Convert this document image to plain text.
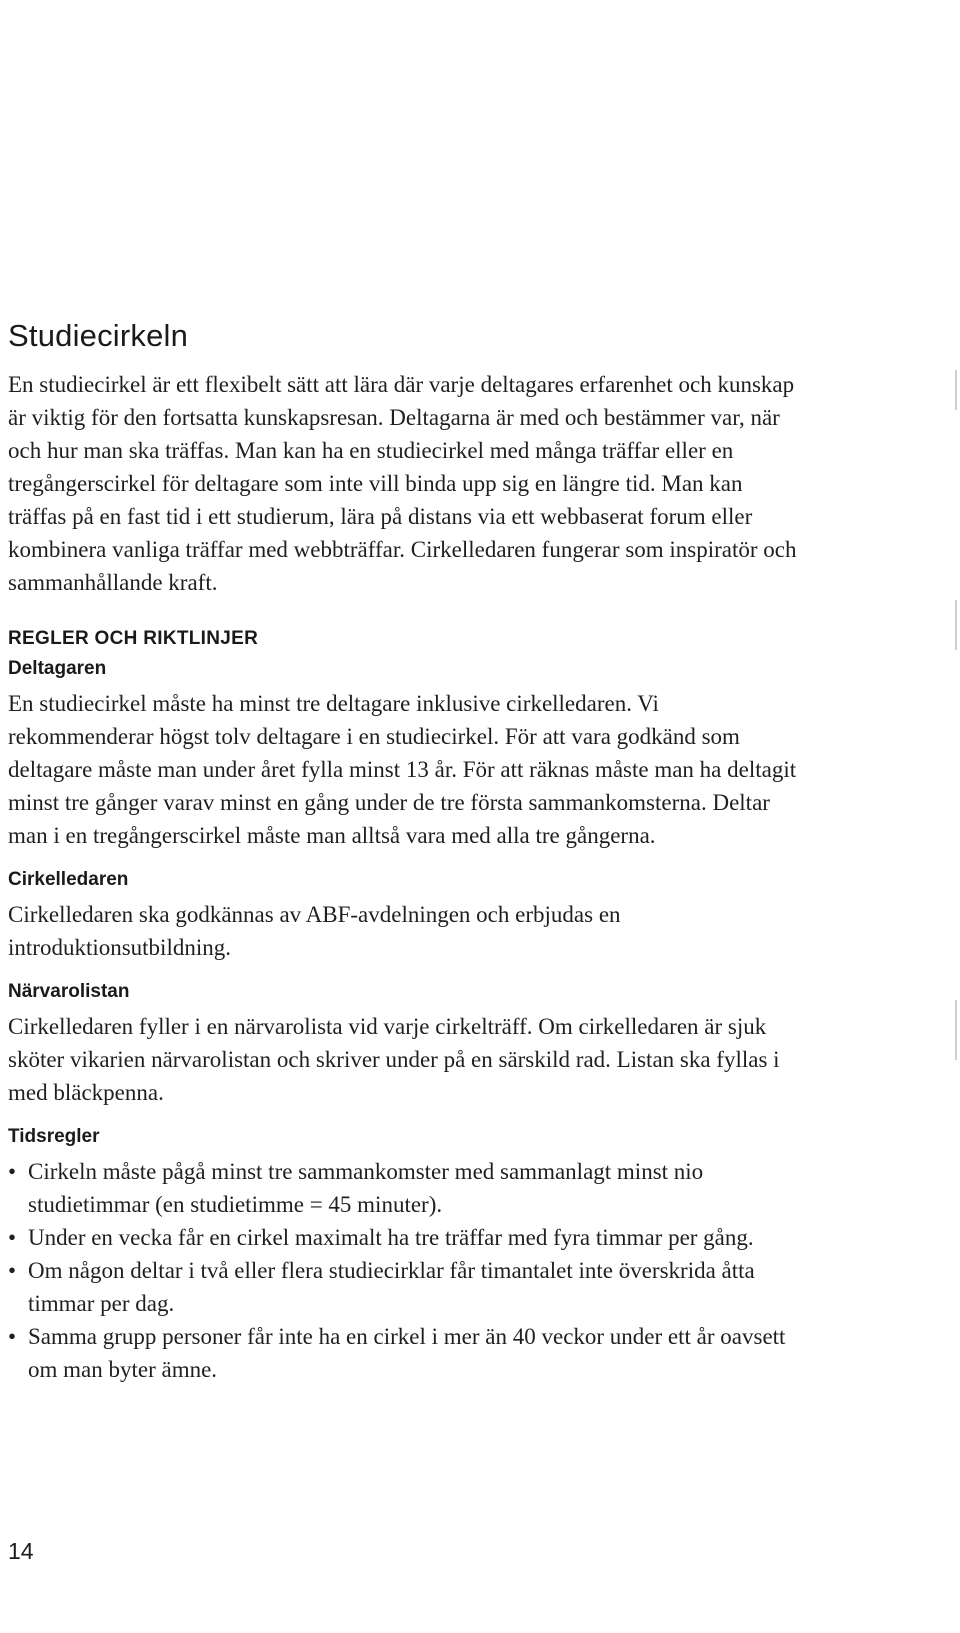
Studiecirkeln

En studiecirkel är ett flexibelt sätt att lära där varje deltagares erfarenhet och kunskap är viktig för den fortsatta kunskapsresan. Deltagarna är med och bestämmer var, när och hur man ska träffas. Man kan ha en studiecirkel med många träffar eller en tregångerscirkel för deltagare som inte vill binda upp sig en längre tid. Man kan träffas på en fast tid i ett studierum, lära på distans via ett webbaserat forum eller kombinera vanliga träffar med webbträffar. Cirkelledaren fungerar som inspiratör och sammanhållande kraft.

REGLER OCH RIKTLINJER
Deltagaren

En studiecirkel måste ha minst tre deltagare inklusive cirkelledaren. Vi rekommenderar högst tolv deltagare i en studiecirkel. För att vara godkänd som deltagare måste man under året fylla minst 13 år. För att räknas måste man ha deltagit minst tre gånger varav minst en gång under de tre första sammankomsterna. Deltar man i en tregångerscirkel måste man alltså vara med alla tre gångerna.

Cirkelledaren

Cirkelledaren ska godkännas av ABF-avdelningen och erbjudas en introduktionsutbildning.

Närvarolistan

Cirkelledaren fyller i en närvarolista vid varje cirkelträff. Om cirkelledaren är sjuk sköter vikarien närvarolistan och skriver under på en särskild rad. Listan ska fyllas i med bläckpenna.

Tidsregler
• Cirkeln måste pågå minst tre sammankomster med sammanlagt minst nio studietimmar (en studietimme = 45 minuter).
• Under en vecka får en cirkel maximalt ha tre träffar med fyra timmar per gång.
• Om någon deltar i två eller flera studiecirklar får timantalet inte överskrida åtta timmar per dag.
• Samma grupp personer får inte ha en cirkel i mer än 40 veckor under ett år oavsett om man byter ämne.
14
